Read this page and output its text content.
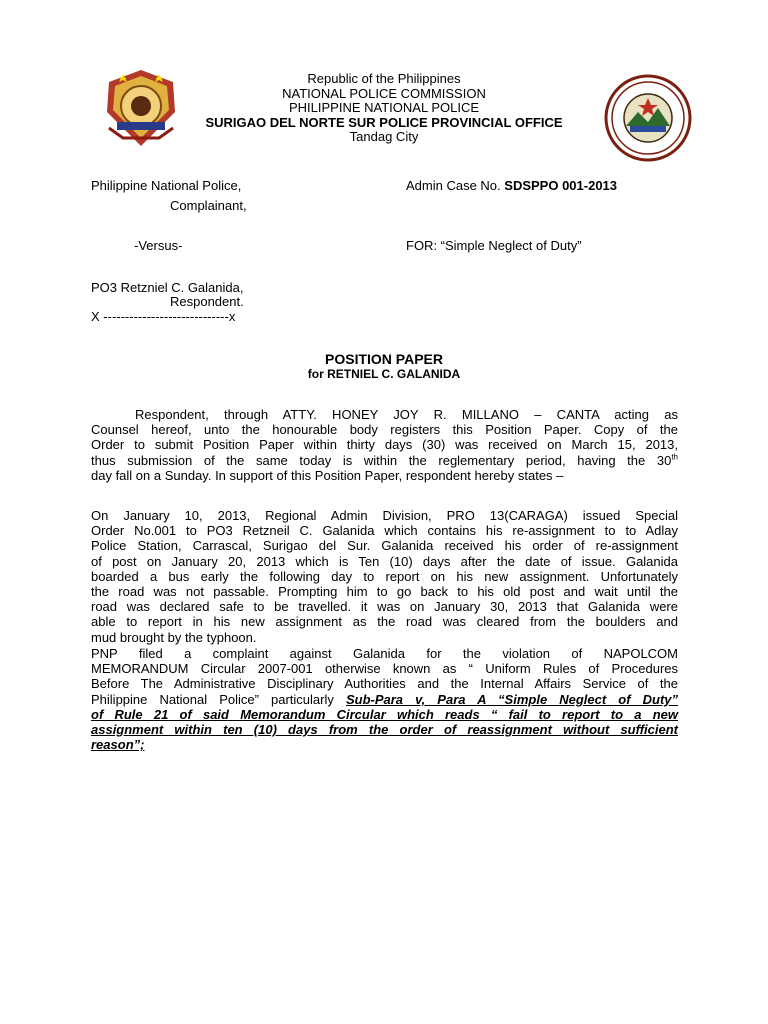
Republic of the Philippines
NATIONAL POLICE COMMISSION
PHILIPPINE NATIONAL POLICE
SURIGAO DEL NORTE SUR POLICE PROVINCIAL OFFICE
Tandag City
Philippine National Police,	Admin Case No. SDSPPO 001-2013
Complainant,
-Versus-	FOR: “Simple Neglect of Duty”
PO3 Retzniel C. Galanida,
Respondent.
X -----------------------------x
POSITION PAPER
for RETNIEL C. GALANIDA
Respondent, through ATTY. HONEY JOY R. MILLANO – CANTA acting as
Counsel hereof, unto the honourable body registers this Position Paper. Copy of the
Order to submit Position Paper within thirty days (30) was received on March 15, 2013,
thus submission of the same today is within the reglementary period, having the 30th
day fall on a Sunday. In support of this Position Paper, respondent hereby states –
On January 10, 2013, Regional Admin Division, PRO 13(CARAGA) issued Special
Order No.001 to PO3 Retzneil C. Galanida which contains his re-assignment to to Adlay
Police Station, Carrascal, Surigao del Sur. Galanida received his order of re-assignment
of post on January 20, 2013 which is Ten (10) days after the date of issue. Galanida
boarded a bus early the following day to report on his new assignment. Unfortunately
the road was not passable. Prompting him to go back to his old post and wait until the
road was declared safe to be travelled. it was on January 30, 2013 that Galanida were
able to report in his new assignment as the road was cleared from the boulders and
mud brought by the typhoon.
PNP filed a complaint against Galanida for the violation of NAPOLCOM
MEMORANDUM Circular 2007-001 otherwise known as “ Uniform Rules of Procedures
Before The Administrative Disciplinary Authorities and the Internal Affairs Service of the
Philippine National Police” particularly Sub-Para v, Para A “Simple Neglect of Duty”
of Rule 21 of said Memorandum Circular which reads “ fail to report to a new
assignment within ten (10) days from the order of reassignment without sufficient
reason”;
